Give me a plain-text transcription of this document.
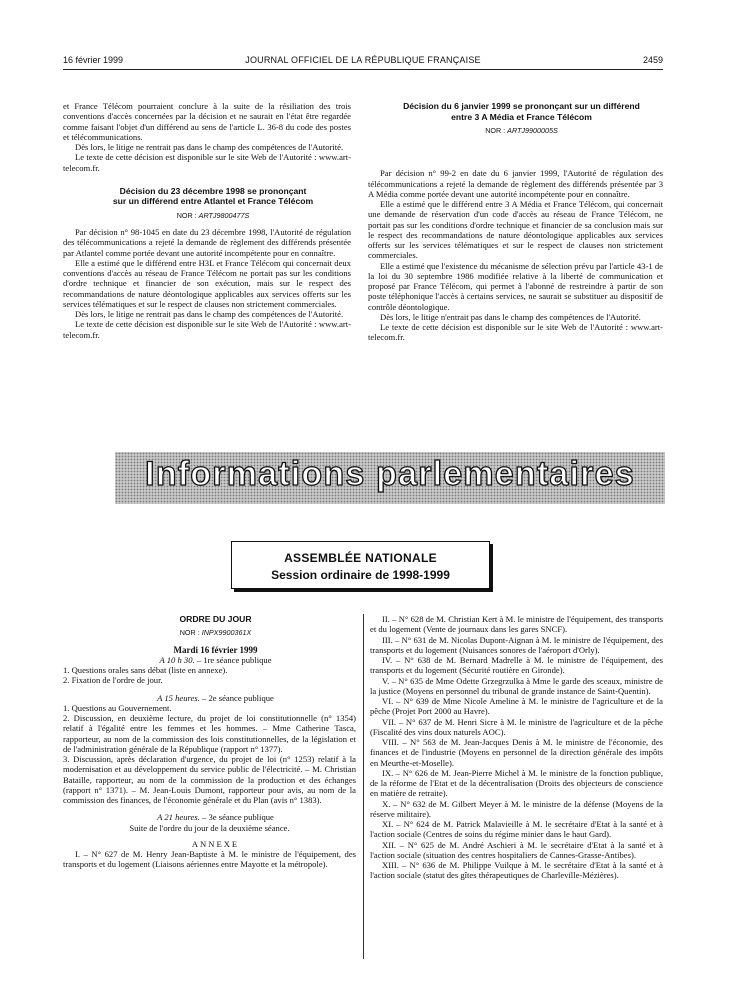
16 février 1999	JOURNAL OFFICIEL DE LA RÉPUBLIQUE FRANÇAISE	2459

et France Télécom pourraient conclure à la suite de la résiliation des trois conventions d'accès concernées par la décision et ne saurait en l'état être regardée comme faisant l'objet d'un différend au sens de l'article L. 36-8 du code des postes et télécommunications.

Dès lors, le litige ne rentrait pas dans le champ des compétences de l'Autorité.

Le texte de cette décision est disponible sur le site Web de l'Autorité : www.art-telecom.fr.

Décision du 23 décembre 1998 se prononçant

sur un différend entre Atlantel et France Télécom

NOR : ARTJ9800477S

Par décision n° 98-1045 en date du 23 décembre 1998, l'Autorité de régulation des télécommunications a rejeté la demande de règlement des différends présentée par Atlantel comme portée devant une autorité incompétente pour en connaître.

Elle a estimé que le différend entre H3L et France Télécom qui concernait deux conventions d'accès au réseau de France Télécom ne portait pas sur les conditions d'ordre technique et financier de son exécution, mais sur le respect des recommandations de nature déontologique applicables aux services offerts sur les services télématiques et sur le respect de clauses non strictement commerciales.

Dès lors, le litige ne rentrait pas dans le champ des compétences de l'Autorité.

Le texte de cette décision est disponible sur le site Web de l'Autorité : www.art-telecom.fr.

Décision du 6 janvier 1999 se prononçant sur un différend

entre 3 A Média et France Télécom

NOR : ARTJ9900005S

Par décision n° 99-2 en date du 6 janvier 1999, l'Autorité de régulation des télécommunications a rejeté la demande de règlement des différends présentée par 3 A Média comme portée devant une autorité incompétente pour en connaître.

Elle a estimé que le différend entre 3 A Média et France Télécom, qui concernait une demande de réservation d'un code d'accès au réseau de France Télécom, ne portait pas sur les conditions d'ordre technique et financier de sa conclusion mais sur le respect des recommandations de nature déontologique applicables aux services offerts sur les services télématiques et sur le respect de clauses non strictement commerciales.

Elle a estimé que l'existence du mécanisme de sélection prévu par l'article 43-1 de la loi du 30 septembre 1986 modifiée relative à la liberté de communication et proposé par France Télécom, qui permet à l'abonné de restreindre à partir de son poste téléphonique l'accès à certains services, ne saurait se substituer au dispositif de contrôle déontologique.

Dès lors, le litige n'entrait pas dans le champ des compétences de l'Autorité.

Le texte de cette décision est disponible sur le site Web de l'Autorité : www.art-telecom.fr.

Informations parlementaires
ASSEMBLÉE NATIONALE
Session ordinaire de 1998-1999

ORDRE DU JOUR

NOR : INPX9900361X

Mardi 16 février 1999

A 10 h 30. – 1re séance publique

1. Questions orales sans débat (liste en annexe).

2. Fixation de l'ordre de jour.

A 15 heures. – 2e séance publique

1. Questions au Gouvernement.

2. Discussion, en deuxième lecture, du projet de loi constitutionnelle (n° 1354) relatif à l'égalité entre les femmes et les hommes. – Mme Catherine Tasca, rapporteur, au nom de la commission des lois constitutionnelles, de la législation et de l'administration générale de la République (rapport n° 1377).

3. Discussion, après déclaration d'urgence, du projet de loi (n° 1253) relatif à la modernisation et au développement du service public de l'électricité. – M. Christian Bataille, rapporteur, au nom de la commission de la production et des échanges (rapport n° 1371). – M. Jean-Louis Dumont, rapporteur pour avis, au nom de la commission des finances, de l'économie générale et du Plan (avis n° 1383).

A 21 heures. – 3e séance publique

Suite de l'ordre du jour de la deuxième séance.

ANNEXE

I. – N° 627 de M. Henry Jean-Baptiste à M. le ministre de l'équipement, des transports et du logement (Liaisons aériennes entre Mayotte et la métropole).

II. – N° 628 de M. Christian Kert à M. le ministre de l'équipement, des transports et du logement (Vente de journaux dans les gares SNCF).

III. – N° 631 de M. Nicolas Dupont-Aignan à M. le ministre de l'équipement, des transports et du logement (Nuisances sonores de l'aéroport d'Orly).

IV. – N° 638 de M. Bernard Madrelle à M. le ministre de l'équipement, des transports et du logement (Sécurité routière en Gironde).

V. – N° 635 de Mme Odette Grzegrzulka à Mme le garde des sceaux, ministre de la justice (Moyens en personnel du tribunal de grande instance de Saint-Quentin).

VI. – N° 639 de Mme Nicole Ameline à M. le ministre de l'agriculture et de la pêche (Projet Port 2000 au Havre).

VII. – N° 637 de M. Henri Sicre à M. le ministre de l'agriculture et de la pêche (Fiscalité des vins doux naturels AOC).

VIII. – N° 563 de M. Jean-Jacques Denis à M. le ministre de l'économie, des finances et de l'industrie (Moyens en personnel de la direction générale des impôts en Meurthe-et-Moselle).

IX. – N° 626 de M. Jean-Pierre Michel à M. le ministre de la fonction publique, de la réforme de l'Etat et de la décentralisation (Droits des objecteurs de conscience en matière de retraite).

X. – N° 632 de M. Gilbert Meyer à M. le ministre de la défense (Moyens de la réserve militaire).

XI. – N° 624 de M. Patrick Malavieille à M. le secrétaire d'Etat à la santé et à l'action sociale (Centres de soins du régime minier dans le haut Gard).

XII. – N° 625 de M. André Aschieri à M. le secrétaire d'Etat à la santé et à l'action sociale (situation des centres hospitaliers de Cannes-Grasse-Antibes).

XIII. – N° 636 de M. Philippe Vuilque à M. le secrétaire d'Etat à la santé et à l'action sociale (statut des gîtes thérapeutiques de Charleville-Mézières).
